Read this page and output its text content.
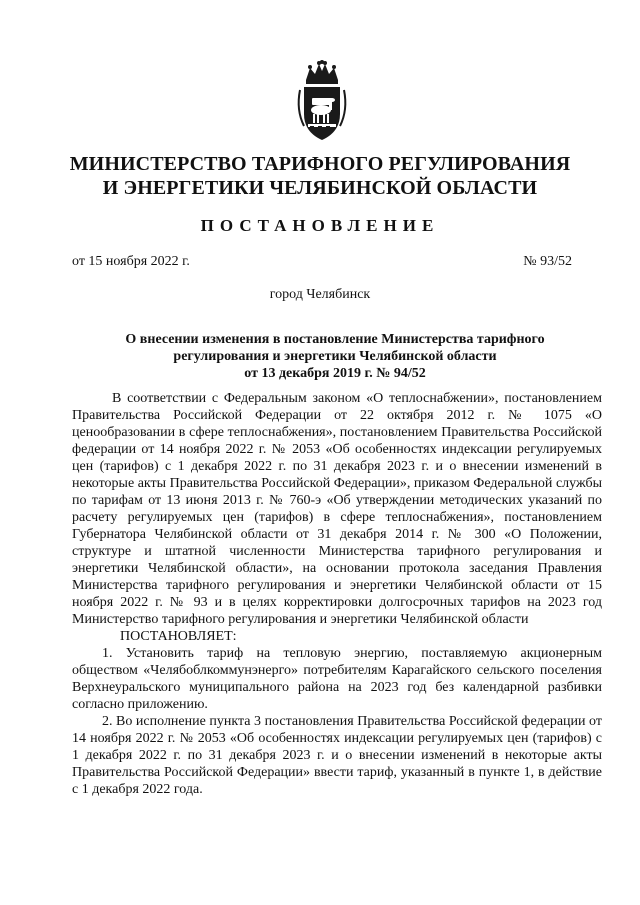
МИНИСТЕРСТВО ТАРИФНОГО РЕГУЛИРОВАНИЯ
И ЭНЕРГЕТИКИ ЧЕЛЯБИНСКОЙ ОБЛАСТИ
ПОСТАНОВЛЕНИЕ
от 15 ноября 2022 г.	№ 93/52
город Челябинск
О внесении изменения в постановление Министерства тарифного
регулирования и энергетики Челябинской области
от 13 декабря 2019 г. № 94/52

В соответствии с Федеральным законом «О теплоснабжении», постановлением Правительства Российской Федерации от 22 октября 2012 г. № 1075 «О ценообразовании в сфере теплоснабжения», постановлением Правительства Российской федерации от 14 ноября 2022 г. № 2053 «Об особенностях индексации регулируемых цен (тарифов) с 1 декабря 2022 г. по 31 декабря 2023 г. и о внесении изменений в некоторые акты Правительства Российской Федерации», приказом Федеральной службы по тарифам от 13 июня 2013 г. № 760-э «Об утверждении методических указаний по расчету регулируемых цен (тарифов) в сфере теплоснабжения», постановлением Губернатора Челябинской области от 31 декабря 2014 г. № 300 «О Положении, структуре и штатной численности Министерства тарифного регулирования и энергетики Челябинской области», на основании протокола заседания Правления Министерства тарифного регулирования и энергетики Челябинской области от 15 ноября 2022 г. № 93 и в целях корректировки долгосрочных тарифов на 2023 год Министерство тарифного регулирования и энергетики Челябинской области

ПОСТАНОВЛЯЕТ:

1. Установить тариф на тепловую энергию, поставляемую акционерным обществом «Челябоблкоммунэнерго» потребителям Карагайского сельского поселения Верхнеуральского муниципального района на 2023 год без календарной разбивки согласно приложению.

2. Во исполнение пункта 3 постановления Правительства Российской федерации от 14 ноября 2022 г. № 2053 «Об особенностях индексации регулируемых цен (тарифов) с 1 декабря 2022 г. по 31 декабря 2023 г. и о внесении изменений в некоторые акты Правительства Российской Федерации» ввести тариф, указанный в пункте 1, в действие с 1 декабря 2022 года.
